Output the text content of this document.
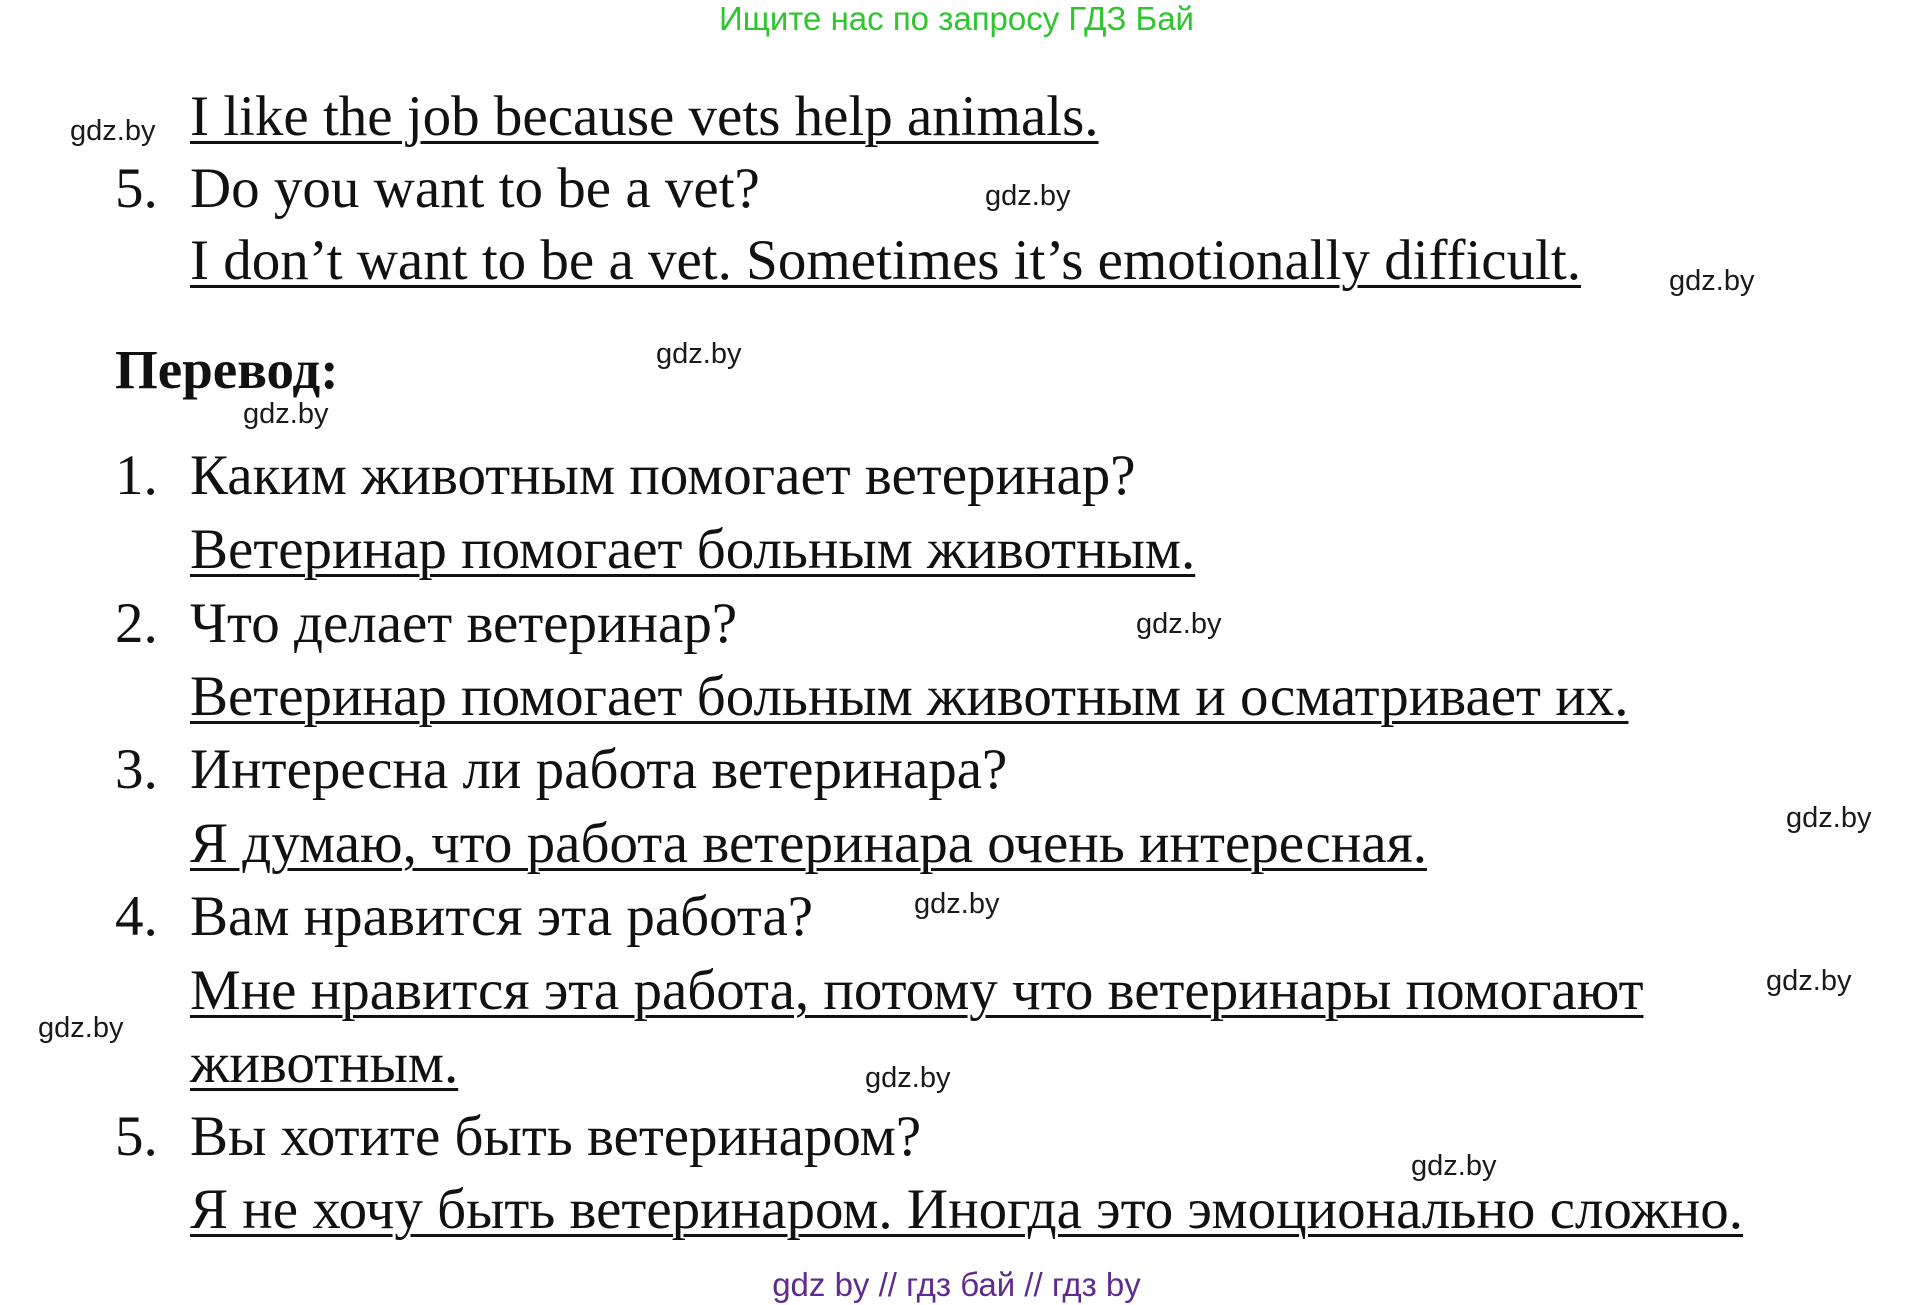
Ищите нас по запросу ГДЗ Бай
I like the job because vets help animals.
5. Do you want to be a vet?
I don’t want to be a vet. Sometimes it’s emotionally difficult.
Перевод:
1. Каким животным помогает ветеринар?
Ветеринар помогает больным животным.
2. Что делает ветеринар?
Ветеринар помогает больным животным и осматривает их.
3. Интересна ли работа ветеринара?
Я думаю, что работа ветеринара очень интересная.
4. Вам нравится эта работа?
Мне нравится эта работа, потому что ветеринары помогают
животным.
5. Вы хотите быть ветеринаром?
Я не хочу быть ветеринаром. Иногда это эмоционально сложно.
gdz.by
gdz.by
gdz.by
gdz.by
gdz.by
gdz.by
gdz.by
gdz.by
gdz.by
gdz.by
gdz.by
gdz.by
gdz by // гдз бай // гдз by
